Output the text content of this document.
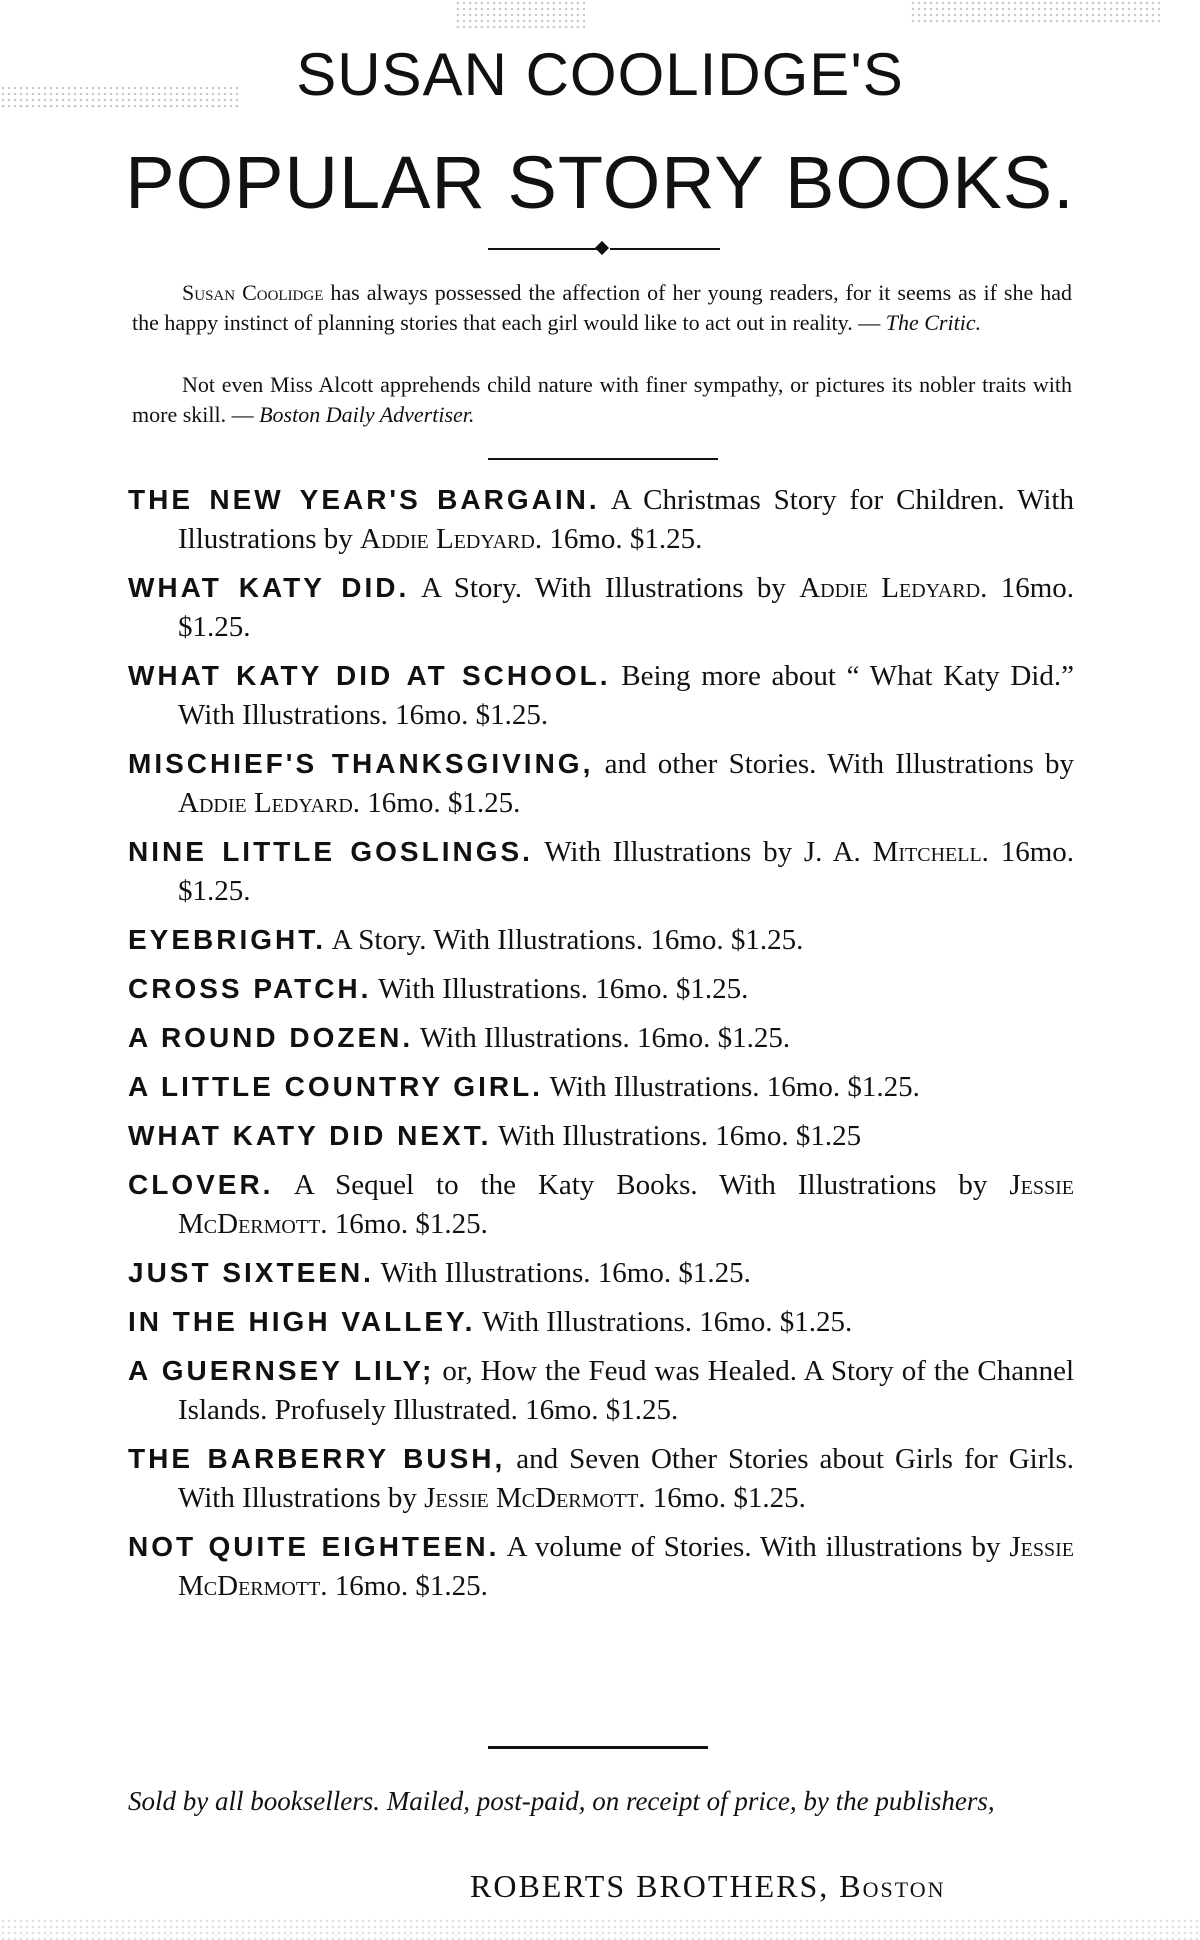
SUSAN COOLIDGE'S
POPULAR STORY BOOKS.

Susan Coolidge has always possessed the affection of her young readers, for it seems as if she had the happy instinct of planning stories that each girl would like to act out in reality. — The Critic.

Not even Miss Alcott apprehends child nature with finer sympathy, or pictures its nobler traits with more skill. — Boston Daily Advertiser.

THE NEW YEAR'S BARGAIN. A Christmas Story for Children. With Illustrations by Addie Ledyard. 16mo. $1.25.

WHAT KATY DID. A Story. With Illustrations by Addie Ledyard. 16mo. $1.25.

WHAT KATY DID AT SCHOOL. Being more about “ What Katy Did.” With Illustrations. 16mo. $1.25.

MISCHIEF'S THANKSGIVING, and other Stories. With Illustrations by Addie Ledyard. 16mo. $1.25.

NINE LITTLE GOSLINGS. With Illustrations by J. A. Mitchell. 16mo. $1.25.

EYEBRIGHT. A Story. With Illustrations. 16mo. $1.25.

CROSS PATCH. With Illustrations. 16mo. $1.25.

A ROUND DOZEN. With Illustrations. 16mo. $1.25.

A LITTLE COUNTRY GIRL. With Illustrations. 16mo. $1.25.

WHAT KATY DID NEXT. With Illustrations. 16mo. $1.25

CLOVER. A Sequel to the Katy Books. With Illustrations by Jessie McDermott. 16mo. $1.25.

JUST SIXTEEN. With Illustrations. 16mo. $1.25.

IN THE HIGH VALLEY. With Illustrations. 16mo. $1.25.

A GUERNSEY LILY; or, How the Feud was Healed. A Story of the Channel Islands. Profusely Illustrated. 16mo. $1.25.

THE BARBERRY BUSH, and Seven Other Stories about Girls for Girls. With Illustrations by Jessie McDermott. 16mo. $1.25.

NOT QUITE EIGHTEEN. A volume of Stories. With illustrations by Jessie McDermott. 16mo. $1.25.

Sold by all booksellers. Mailed, post-paid, on receipt of price, by the publishers,

ROBERTS BROTHERS, Boston
